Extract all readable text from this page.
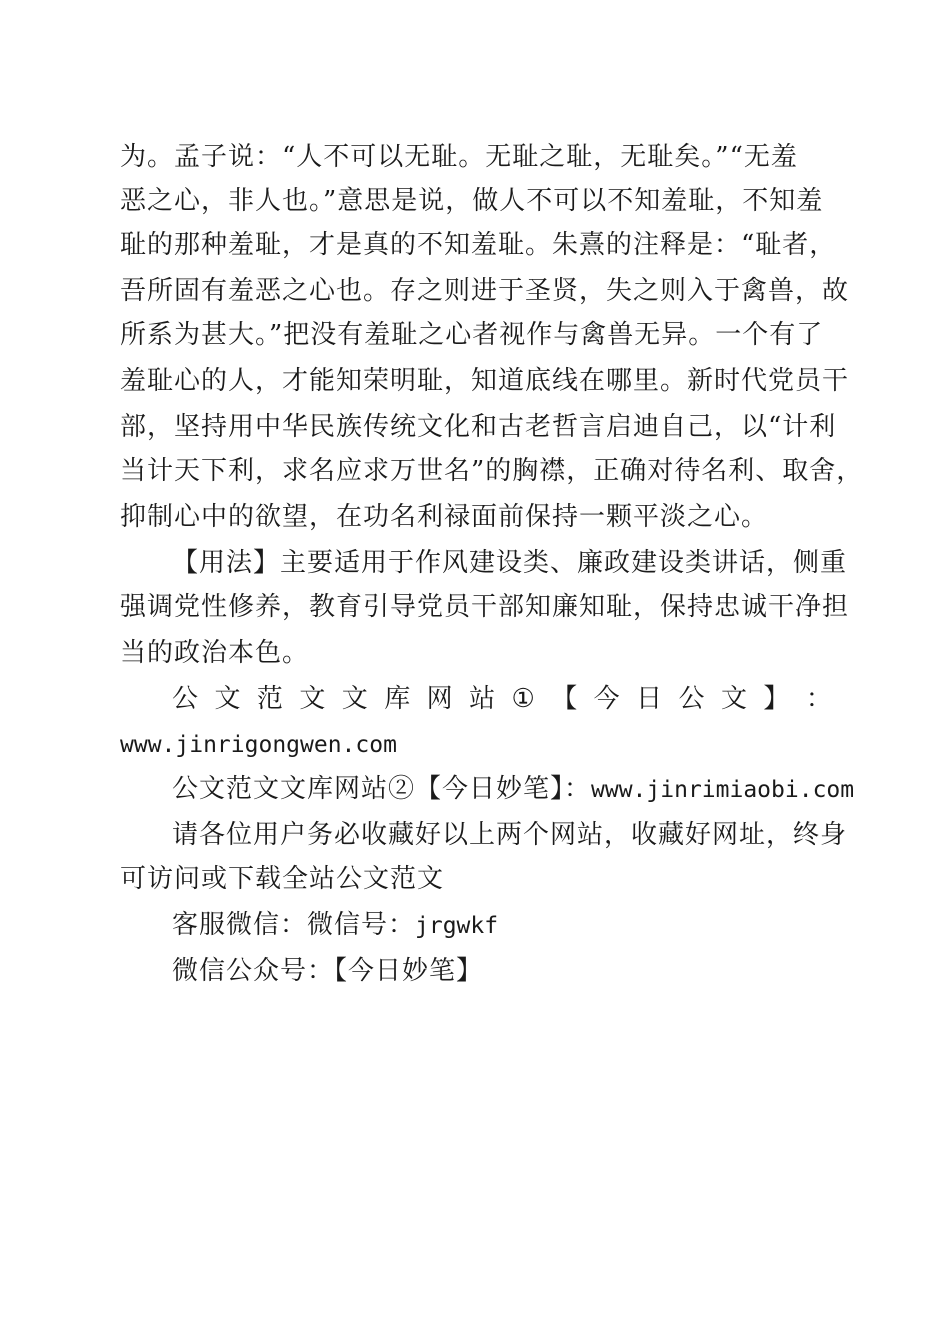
为。孟子说：“人不可以无耻。无耻之耻，无耻矣。”“无羞
恶之心，非人也。”意思是说，做人不可以不知羞耻，不知羞
耻的那种羞耻，才是真的不知羞耻。朱熹的注释是：“耻者，
吾所固有羞恶之心也。存之则进于圣贤，失之则入于禽兽，故
所系为甚大。”把没有羞耻之心者视作与禽兽无异。一个有了
羞耻心的人，才能知荣明耻，知道底线在哪里。新时代党员干
部，坚持用中华民族传统文化和古老哲言启迪自己，以“计利
当计天下利，求名应求万世名”的胸襟，正确对待名利、取舍，
抑制心中的欲望，在功名利禄面前保持一颗平淡之心。
【用法】主要适用于作风建设类、廉政建设类讲话，侧重
强调党性修养，教育引导党员干部知廉知耻，保持忠诚干净担
当的政治本色。
公 文 范 文 文 库 网 站 ① 【 今 日 公 文 】 ：
www.jinrigongwen.com
公文范文文库网站②【今日妙笔】：www.jinrimiaobi.com
请各位用户务必收藏好以上两个网站，收藏好网址，终身
可访问或下载全站公文范文
客服微信：微信号：jrgwkf
微信公众号：【今日妙笔】
